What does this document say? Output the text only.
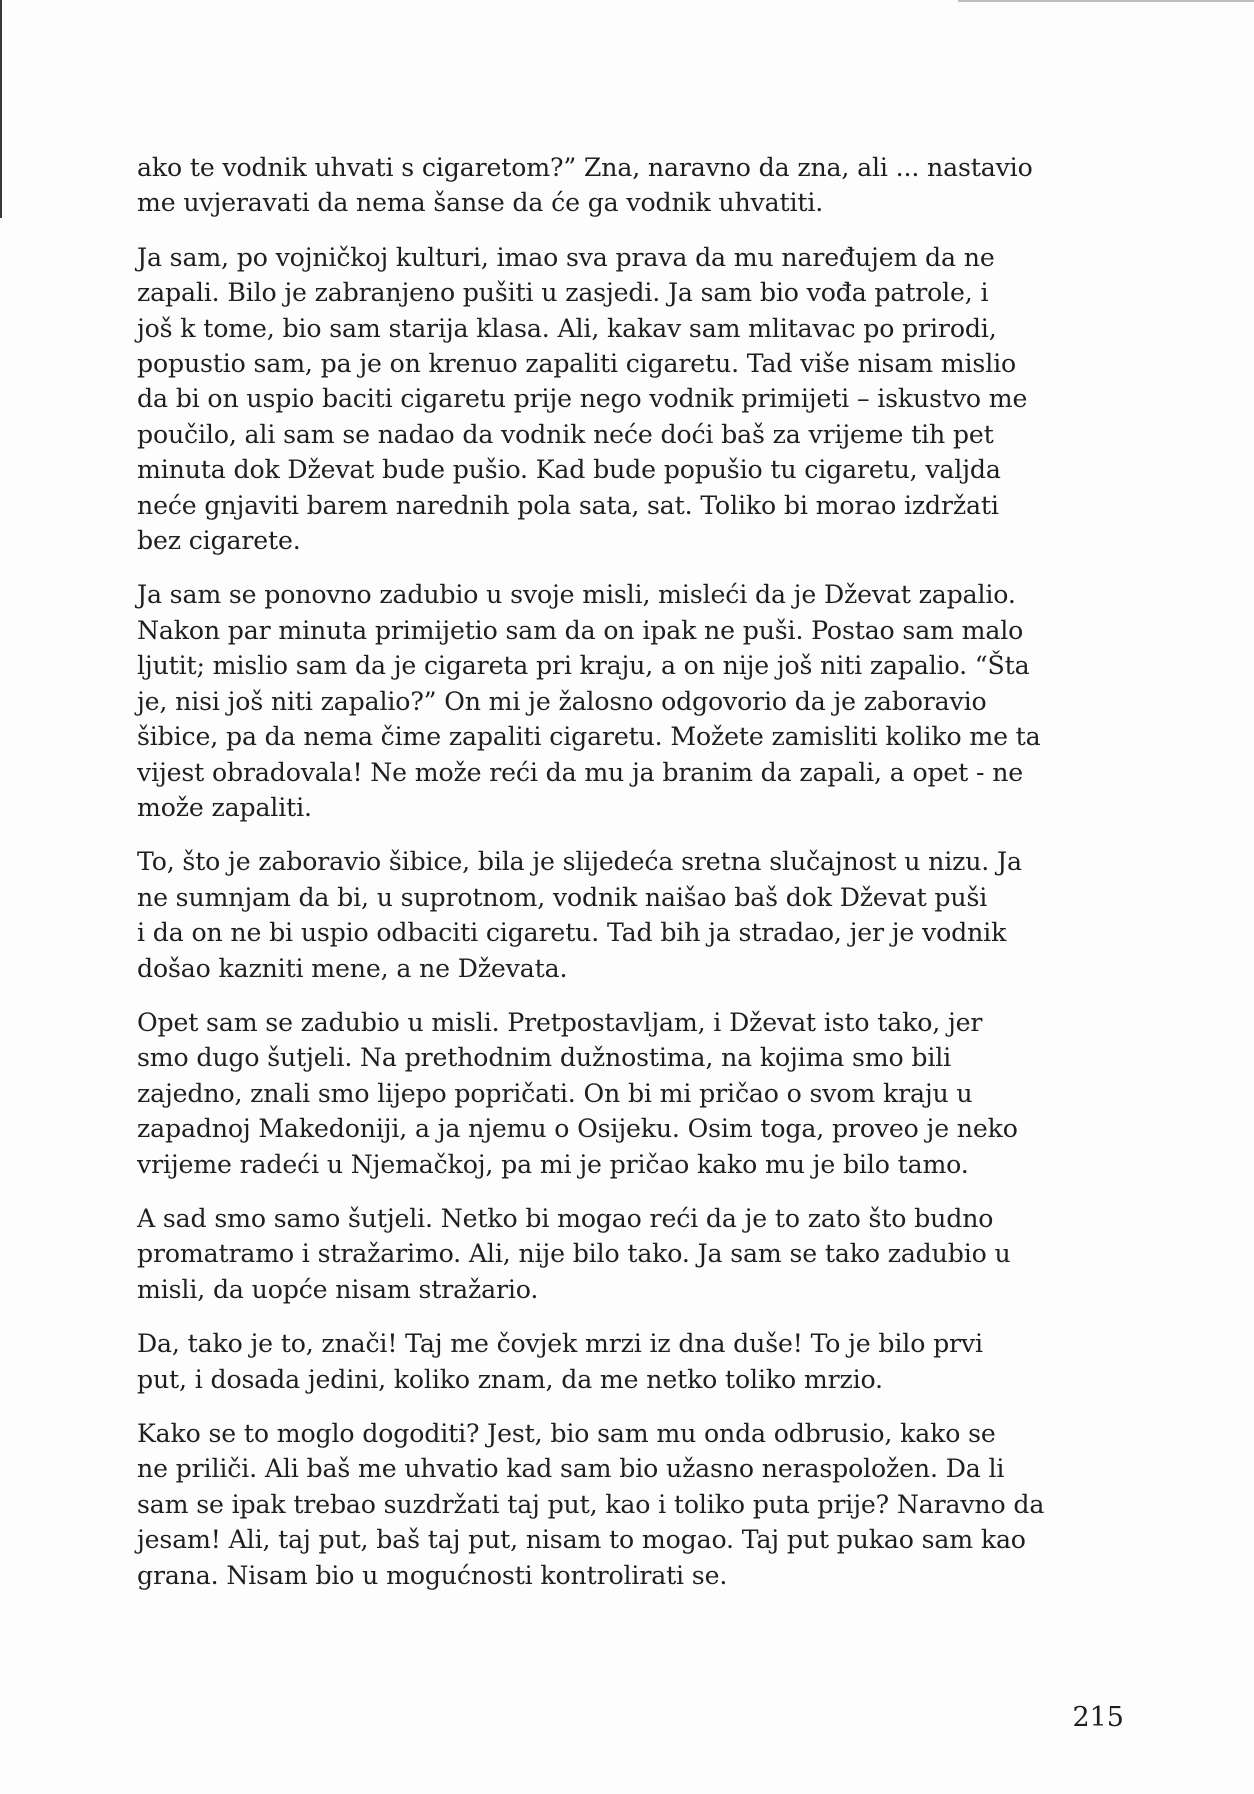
ako te vodnik uhvati s cigaretom?” Zna, naravno da zna, ali ... nastavio
me uvjeravati da nema šanse da će ga vodnik uhvatiti.

Ja sam, po vojničkoj kulturi, imao sva prava da mu naređujem da ne
zapali. Bilo je zabranjeno pušiti u zasjedi. Ja sam bio vođa patrole, i
još k tome, bio sam starija klasa. Ali, kakav sam mlitavac po prirodi,
popustio sam, pa je on krenuo zapaliti cigaretu. Tad više nisam mislio
da bi on uspio baciti cigaretu prije nego vodnik primijeti – iskustvo me
poučilo, ali sam se nadao da vodnik neće doći baš za vrijeme tih pet
minuta dok Dževat bude pušio. Kad bude popušio tu cigaretu, valjda
neće gnjaviti barem narednih pola sata, sat. Toliko bi morao izdržati
bez cigarete.

Ja sam se ponovno zadubio u svoje misli, misleći da je Dževat zapalio.
Nakon par minuta primijetio sam da on ipak ne puši. Postao sam malo
ljutit; mislio sam da je cigareta pri kraju, a on nije još niti zapalio. “Šta
je, nisi još niti zapalio?” On mi je žalosno odgovorio da je zaboravio
šibice, pa da nema čime zapaliti cigaretu. Možete zamisliti koliko me ta
vijest obradovala! Ne može reći da mu ja branim da zapali, a opet - ne
može zapaliti.

To, što je zaboravio šibice, bila je slijedeća sretna slučajnost u nizu. Ja
ne sumnjam da bi, u suprotnom, vodnik naišao baš dok Dževat puši
i da on ne bi uspio odbaciti cigaretu. Tad bih ja stradao, jer je vodnik
došao kazniti mene, a ne Dževata.

Opet sam se zadubio u misli. Pretpostavljam, i Dževat isto tako, jer
smo dugo šutjeli. Na prethodnim dužnostima, na kojima smo bili
zajedno, znali smo lijepo popričati. On bi mi pričao o svom kraju u
zapadnoj Makedoniji, a ja njemu o Osijeku. Osim toga, proveo je neko
vrijeme radeći u Njemačkoj, pa mi je pričao kako mu je bilo tamo.

A sad smo samo šutjeli. Netko bi mogao reći da je to zato što budno
promatramo i stražarimo. Ali, nije bilo tako. Ja sam se tako zadubio u
misli, da uopće nisam stražario.

Da, tako je to, znači! Taj me čovjek mrzi iz dna duše! To je bilo prvi
put, i dosada jedini, koliko znam, da me netko toliko mrzio.

Kako se to moglo dogoditi? Jest, bio sam mu onda odbrusio, kako se
ne priliči. Ali baš me uhvatio kad sam bio užasno neraspoložen. Da li
sam se ipak trebao suzdržati taj put, kao i toliko puta prije? Naravno da
jesam! Ali, taj put, baš taj put, nisam to mogao. Taj put pukao sam kao
grana. Nisam bio u mogućnosti kontrolirati se.

215
